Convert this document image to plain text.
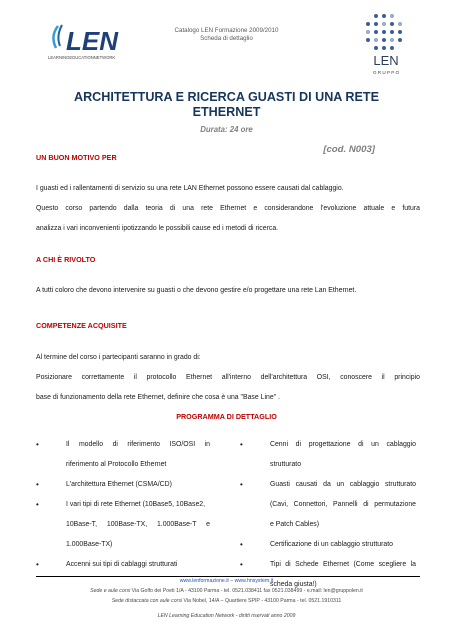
Catalogo LEN Formazione 2009/2010
Scheda di dettaglio
LEN
LEARNINGEDUCATIONNETWORK	LEN
G R U P P O
ARCHITETTURA E RICERCA GUASTI DI UNA RETE
ETHERNET
Durata: 24 ore
[cod. N003]
UN BUON MOTIVO PER
I guasti ed i rallentamenti di servizio su una rete LAN Ethernet possono essere causati dal cablaggio.
Questo corso partendo dalla teoria di una rete Ethernet e considerandone l'evoluzione attuale e futura
analizza i vari inconvenienti ipotizzando le possibili cause ed i metodi di ricerca.
A CHI È RIVOLTO
A tutti coloro che devono intervenire su guasti o che devono gestire e/o progettare una rete Lan Ethernet.
COMPETENZE ACQUISITE
Al termine del corso i partecipanti saranno in grado di:
Posizionare correttamente il protocollo Ethernet all'interno dell'architettura OSI, conoscere il principio
base di funzionamento della rete Ethernet, definire che cosa è una "Base Line" .
PROGRAMMA DI DETTAGLIO
•	Il modello di riferimento ISO/OSI in
riferimento al Protocollo Ethernet
•	L'architettura Ethernet (CSMA/CD)
•	I vari tipi di rete Ethernet (10Base5, 10Base2,
10Base-T, 100Base-TX, 1.000Base-T e
1.000Base-TX)
•	Accenni sui tipi di cablaggi strutturati
•	Cenni di progettazione di un cablaggio
strutturato
•	Guasti causati da un cablaggio strutturato
(Cavi, Connettori, Pannelli di permutazione
e Patch Cables)
•	Certificazione di un cablaggio strutturato
•	Tipi di Schede Ethernet (Come scegliere la
scheda giusta!)
www.lenformazione.it – www.hnsystem.it
Sede e aule corsi Via Golfo dei Poeti 1/A - 43100 Parma - tel. 0521.038411 fax 0521.038499 - e.mail: len@gruppolen.it
Sede distaccata con aule corsi Via Nobel, 14/A – Quartiere SPIP - 43100 Parma - tel. 0521.1910311
LEN Learning Education Network - diritti riservati anno 2009
